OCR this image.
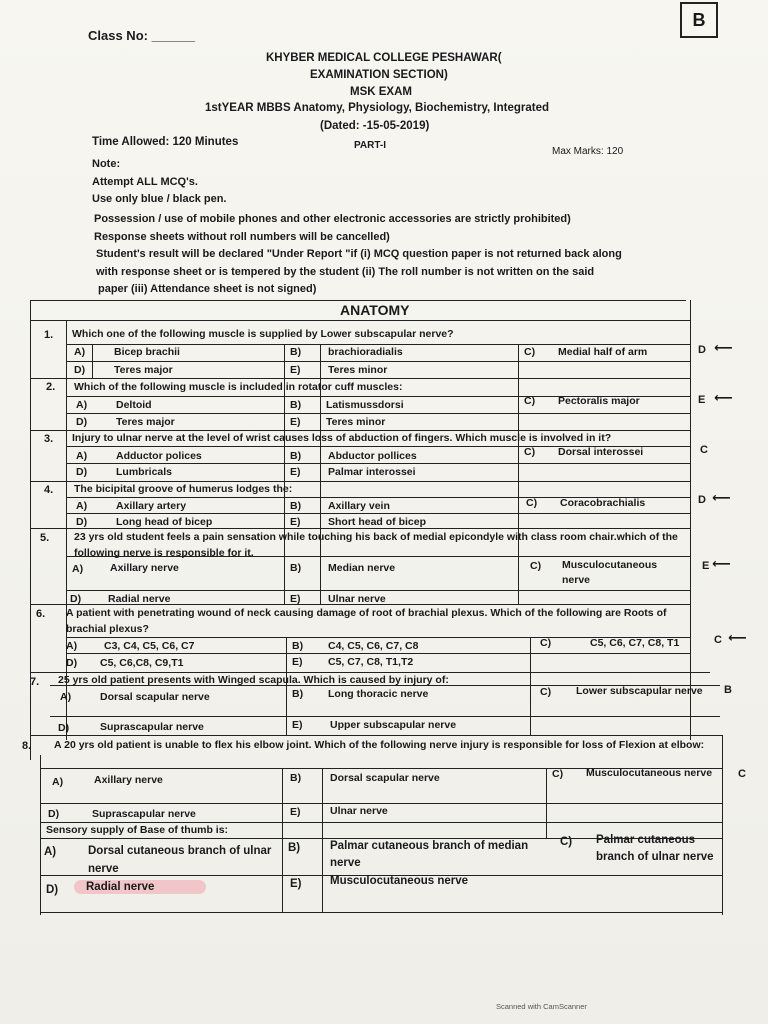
B
Class No: ______
KHYBER MEDICAL COLLEGE PESHAWAR(
EXAMINATION SECTION)
MSK EXAM
1stYEAR MBBS Anatomy, Physiology, Biochemistry, Integrated
(Dated: -15-05-2019)
Time Allowed: 120 Minutes	PART-I
Max Marks: 120
Note:
Attempt ALL MCQ's.
Use only blue / black pen.
Possession / use of mobile phones and other electronic accessories are strictly prohibited)
Response sheets without roll numbers will be cancelled)
Student's result will be declared "Under Report "if (i) MCQ question paper is not returned back along
with response sheet or is tempered by the student (ii) The roll number is not written on the said
paper (iii) Attendance sheet is not signed)
ANATOMY
1. Which one of the following muscle is supplied by Lower subscapular nerve?
A)	Bicep brachii	B)	brachioradialis	C) Medial half of arm
D)	Teres major	E)	Teres minor
D ⟵
2. Which of the following muscle is included in rotator cuff muscles:
A)	Deltoid	B) Latismussdorsi	C) Pectoralis major
D)	Teres major	E) Teres minor
E ⟵
3. Injury to ulnar nerve at the level of wrist causes loss of abduction of fingers. Which muscle is involved in it?
A)	Adductor polices	B)	Abductor pollices	C) Dorsal interossei
D)	Lumbricals	E)	Palmar interossei
C
4. The bicipital groove of humerus lodges the:
A)	Axillary artery	B)	Axillary vein	C) Coracobrachialis
D)	Long head of bicep	E)	Short head of bicep
D ⟵
5. 23 yrs old student feels a pain sensation while touching his back of medial epicondyle with class room chair.which of the following nerve is responsible for it.
A)	Axillary nerve	B)	Median nerve	C) Musculocutaneous nerve
D)	Radial nerve	E)	Ulnar nerve
E ⟵
6. A patient with penetrating wound of neck causing damage of root of brachial plexus. Which of the following are Roots of brachial plexus?
A)	C3, C4, C5, C6, C7	B) C4, C5, C6, C7, C8	C)	C5, C6, C7, C8, T1
D) C5, C6,C8, C9,T1	E) C5, C7, C8, T1,T2
C ⟵
7. 25 yrs old patient presents with Winged scapula. Which is caused by injury of:
A)	Dorsal scapular nerve	B) Long thoracic nerve	C) Lower subscapular nerve
D)	Suprascapular nerve	E)	Upper subscapular nerve
B
8. A 20 yrs old patient is unable to flex his elbow joint. Which of the following nerve injury is responsible for loss of Flexion at elbow:
A)	Axillary nerve	B)	Dorsal scapular nerve	C) Musculocutaneous nerve
D)	Suprascapular nerve	E)	Ulnar nerve
C
Sensory supply of Base of thumb is:
A)	Dorsal cutaneous branch of ulnar nerve
B)	Palmar cutaneous branch of median nerve
C) Palmar cutaneous branch of ulnar nerve
D) Radial nerve	E) Musculocutaneous nerve
Scanned with CamScanner
